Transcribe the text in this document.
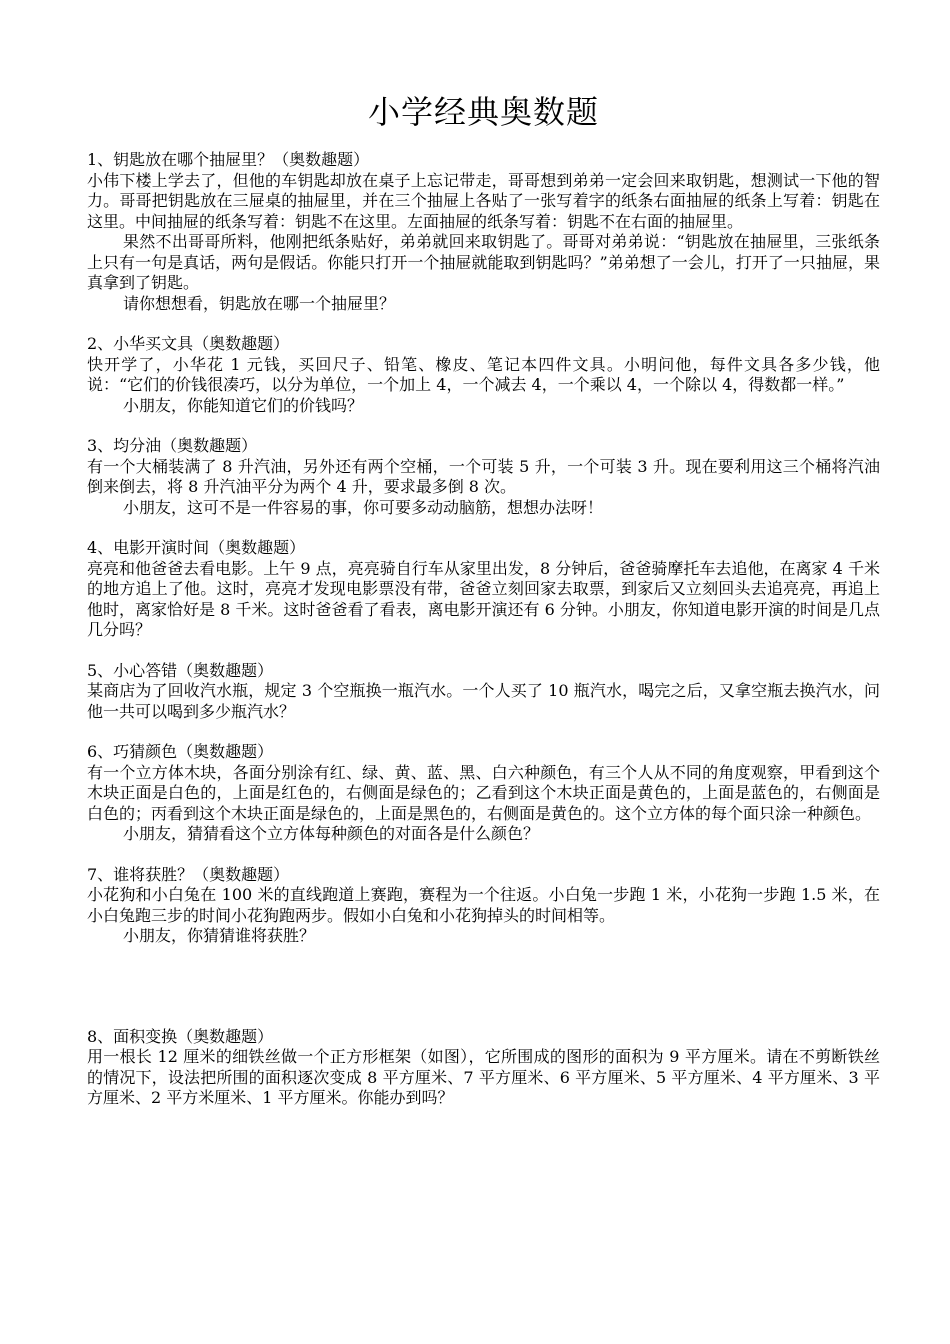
小学经典奥数题

1、钥匙放在哪个抽屉里？（奥数趣题）

小伟下楼上学去了，但他的车钥匙却放在桌子上忘记带走，哥哥想到弟弟一定会回来取钥匙，想测试一下他的智力。哥哥把钥匙放在三屉桌的抽屉里，并在三个抽屉上各贴了一张写着字的纸条右面抽屉的纸条上写着：钥匙在这里。中间抽屉的纸条写着：钥匙不在这里。左面抽屉的纸条写着：钥匙不在右面的抽屉里。

果然不出哥哥所料，他刚把纸条贴好，弟弟就回来取钥匙了。哥哥对弟弟说：“钥匙放在抽屉里，三张纸条上只有一句是真话，两句是假话。你能只打开一个抽屉就能取到钥匙吗？”弟弟想了一会儿，打开了一只抽屉，果真拿到了钥匙。

请你想想看，钥匙放在哪一个抽屉里？

2、小华买文具（奥数趣题）

快开学了，小华花 1 元钱，买回尺子、铅笔、橡皮、笔记本四件文具。小明问他，每件文具各多少钱，他说：“它们的价钱很凑巧，以分为单位，一个加上 4，一个减去 4，一个乘以 4，一个除以 4，得数都一样。”

小朋友，你能知道它们的价钱吗？

3、均分油（奥数趣题）

有一个大桶装满了 8 升汽油，另外还有两个空桶，一个可装 5 升，一个可装 3 升。现在要利用这三个桶将汽油倒来倒去，将 8 升汽油平分为两个 4 升，要求最多倒 8 次。

小朋友，这可不是一件容易的事，你可要多动动脑筋，想想办法呀！

4、电影开演时间（奥数趣题）

亮亮和他爸爸去看电影。上午 9 点，亮亮骑自行车从家里出发，8 分钟后，爸爸骑摩托车去追他，在离家 4 千米的地方追上了他。这时，亮亮才发现电影票没有带，爸爸立刻回家去取票，到家后又立刻回头去追亮亮，再追上他时，离家恰好是 8 千米。这时爸爸看了看表，离电影开演还有 6 分钟。小朋友，你知道电影开演的时间是几点几分吗？

5、小心答错（奥数趣题）

某商店为了回收汽水瓶，规定 3 个空瓶换一瓶汽水。一个人买了 10 瓶汽水，喝完之后，又拿空瓶去换汽水，问他一共可以喝到多少瓶汽水？

6、巧猜颜色（奥数趣题）

有一个立方体木块，各面分别涂有红、绿、黄、蓝、黑、白六种颜色，有三个人从不同的角度观察，甲看到这个木块正面是白色的，上面是红色的，右侧面是绿色的；乙看到这个木块正面是黄色的，上面是蓝色的，右侧面是白色的；丙看到这个木块正面是绿色的，上面是黑色的，右侧面是黄色的。这个立方体的每个面只涂一种颜色。

小朋友，猜猜看这个立方体每种颜色的对面各是什么颜色？

7、谁将获胜？（奥数趣题）

小花狗和小白兔在 100 米的直线跑道上赛跑，赛程为一个往返。小白兔一步跑 1 米，小花狗一步跑 1.5 米，在小白兔跑三步的时间小花狗跑两步。假如小白兔和小花狗掉头的时间相等。

小朋友，你猜猜谁将获胜？

8、面积变换（奥数趣题）

用一根长 12 厘米的细铁丝做一个正方形框架（如图），它所围成的图形的面积为 9 平方厘米。请在不剪断铁丝的情况下，设法把所围的面积逐次变成 8 平方厘米、7 平方厘米、6 平方厘米、5 平方厘米、4 平方厘米、3 平方厘米、2 平方米厘米、1 平方厘米。你能办到吗？
